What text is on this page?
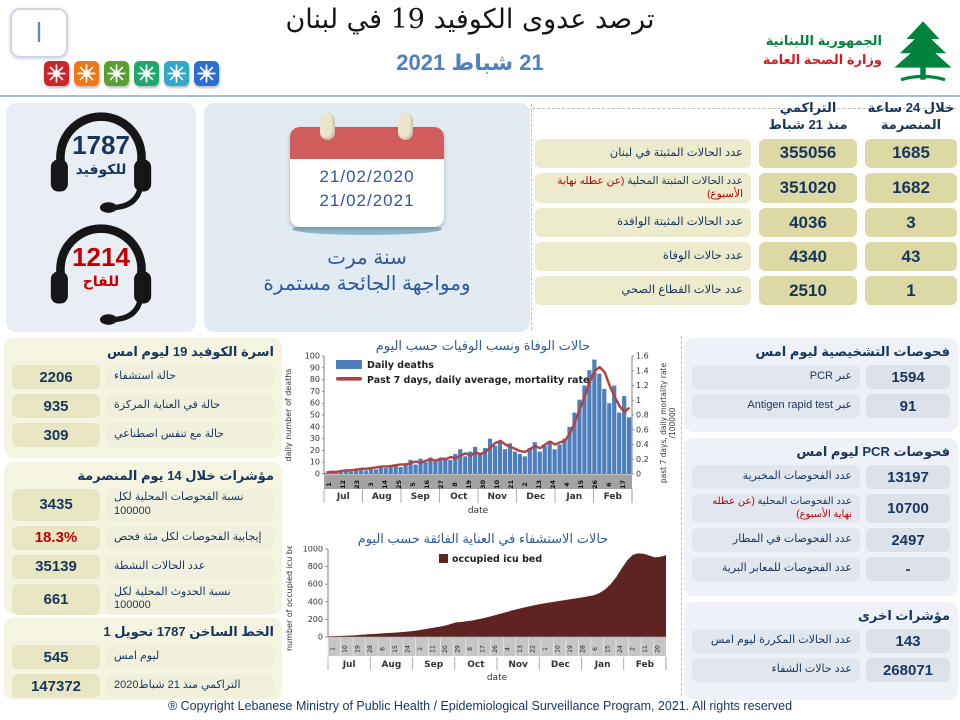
ا	ترصد عدوى الكوفيد 19 في لبنان
21 شباط 2021
الجمهورية اللبنانية
وزارة الصحة العامة
1787
للكوفيد
1214
للقاح
21/02/2020
21/02/2021
سنة مرت
ومواجهة الجائحة مستمرة
التراكمي
منذ 21 شباط
خلال 24 ساعة
المنصرمة
عدد الحالات المثبتة في لبنان	355056	1685
عدد الحالات المثبتة المحلية (عن عطله نهاية الأسبوع)	351020	1682
عدد الحالات المثبتة الوافدة	4036	3
عدد حالات الوفاة	4340	43
عدد حالات القطاع الصحي	2510	1
اسرة الكوفيد 19 ليوم امس
2206	حالة استشفاء
935	حالة في العناية المركزة
309	حالة مع تنفس اصطناعي
مؤشرات خلال 14 يوم المنصرمة
3435	نسبة الفحوصات المحلية لكل 100000
18.3%	إيجابية الفحوصات لكل مئة فحص
35139	عدد الحالات النشطة
661	نسبة الحدوث المحلية لكل 100000
الخط الساخن 1787 تحويل 1
545	ليوم امس
147372	التراكمي منذ 21 شباط2020
فحوصات التشخيصية ليوم امس
عبر PCR	1594
عبر Antigen rapid test	91
فحوصات PCR ليوم امس
عدد الفحوصات المخبرية	13197
عدد الفحوصات المحلية (عن عطله نهاية الأسبوع)	10700
عدد الفحوصات في المطار	2497
عدد الفحوصات للمعابر البرية	-
مؤشرات اخرى
عدد الحالات المكررة ليوم امس	143
عدد حالات الشفاء	268071
حالات الوفاة ونسب الوفيات حسب اليوم
0
10
20
30
40
50
60
70
80
90
100
0
0.2
0.4
0.6
0.8
1
1.2
1.4
1.6
1 12 23 3 14 25 5 16 27 8 19 30 10 21 2 13 24 4 15 26 6 17
Jul Aug Sep Oct Nov Dec Jan Feb
date
daily number of deaths	past 7 days, daily mortality rate /100000
Daily deaths
Past 7 days, daily average, mortality rate
حالات الاستشفاء في العناية الفائقة حسب اليوم
0
200
400
600
800
1000
1 10 19 28 6 15 24 2 11 20 29 8 17 26 4 13 22 1 10 19 28 6 15 24 2 11 20
Jul	Aug	Sep	Oct	Nov	Dec	Jan	Feb
date
number of occupied icu beds	occupied icu bed
® Copyright Lebanese Ministry of Public Health / Epidemiological Surveillance Program, 2021. All rights reserved
